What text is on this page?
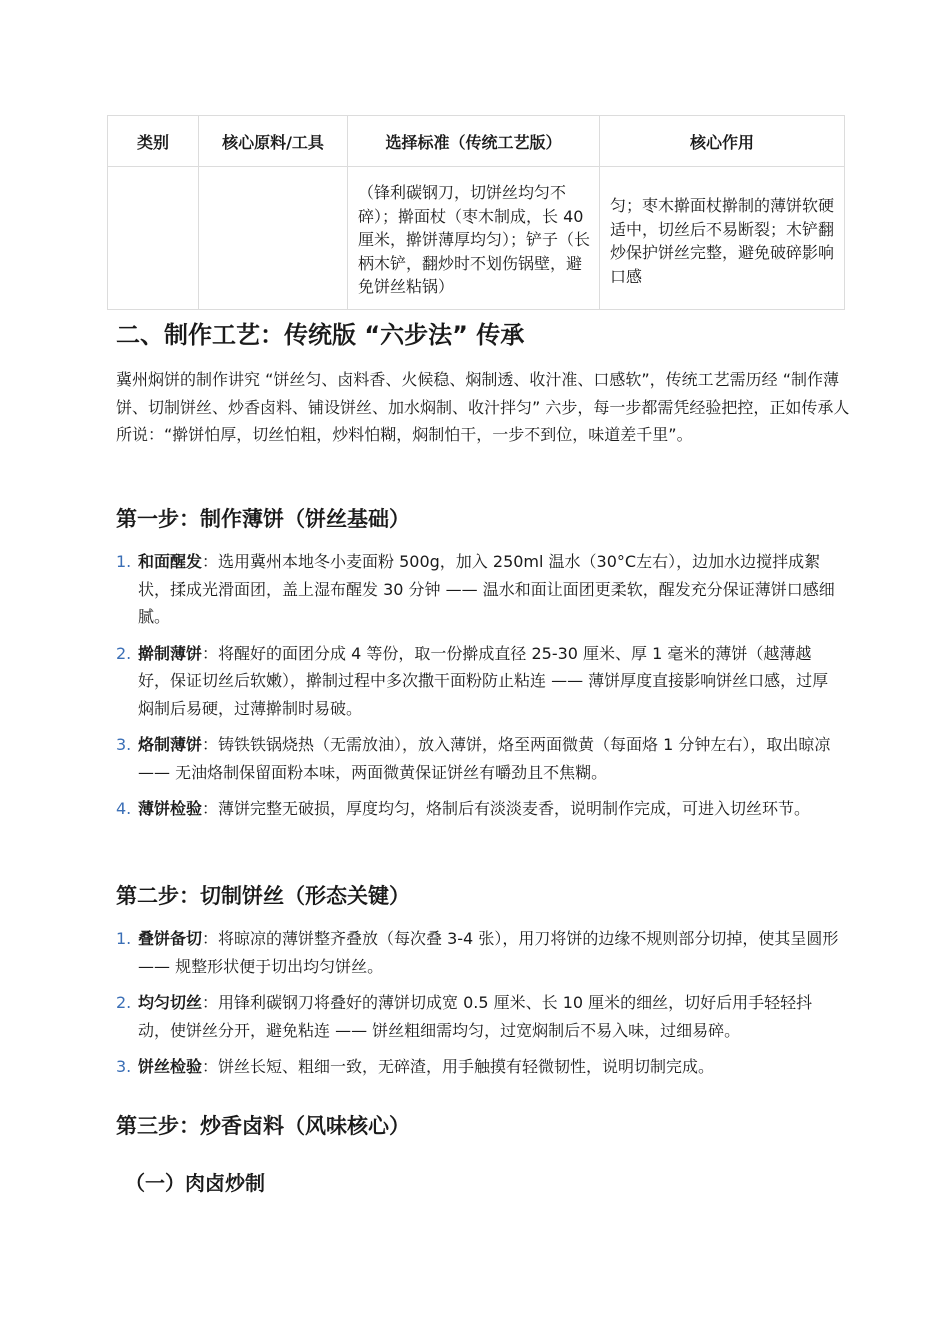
类别	核心原料/工具	选择标准（传统工艺版）	核心作用
		（锋利碳钢刀，切饼丝均匀不碎）；擀面杖（枣木制成，长 40 厘米，擀饼薄厚均匀）；铲子（长柄木铲，翻炒时不划伤锅壁，避免饼丝粘锅）	匀；枣木擀面杖擀制的薄饼软硬适中，切丝后不易断裂；木铲翻炒保护饼丝完整，避免破碎影响口感
二、制作工艺：传统版 “六步法” 传承

冀州焖饼的制作讲究 “饼丝匀、卤料香、火候稳、焖制透、收汁准、口感软”，传统工艺需历经 “制作薄饼、切制饼丝、炒香卤料、铺设饼丝、加水焖制、收汁拌匀” 六步，每一步都需凭经验把控，正如传承人所说：“擀饼怕厚，切丝怕粗，炒料怕糊，焖制怕干，一步不到位，味道差千里”。

第一步：制作薄饼（饼丝基础）
1. 和面醒发：选用冀州本地冬小麦面粉 500g，加入 250ml 温水（30°C左右），边加水边搅拌成絮状，揉成光滑面团，盖上湿布醒发 30 分钟 —— 温水和面让面团更柔软，醒发充分保证薄饼口感细腻。
2. 擀制薄饼：将醒好的面团分成 4 等份，取一份擀成直径 25-30 厘米、厚 1 毫米的薄饼（越薄越好，保证切丝后软嫩），擀制过程中多次撒干面粉防止粘连 —— 薄饼厚度直接影响饼丝口感，过厚焖制后易硬，过薄擀制时易破。
3. 烙制薄饼：铸铁铁锅烧热（无需放油），放入薄饼，烙至两面微黄（每面烙 1 分钟左右），取出晾凉 —— 无油烙制保留面粉本味，两面微黄保证饼丝有嚼劲且不焦糊。
4. 薄饼检验：薄饼完整无破损，厚度均匀，烙制后有淡淡麦香，说明制作完成，可进入切丝环节。
第二步：切制饼丝（形态关键）
1. 叠饼备切：将晾凉的薄饼整齐叠放（每次叠 3-4 张），用刀将饼的边缘不规则部分切掉，使其呈圆形 —— 规整形状便于切出均匀饼丝。
2. 均匀切丝：用锋利碳钢刀将叠好的薄饼切成宽 0.5 厘米、长 10 厘米的细丝，切好后用手轻轻抖动，使饼丝分开，避免粘连 —— 饼丝粗细需均匀，过宽焖制后不易入味，过细易碎。
3. 饼丝检验：饼丝长短、粗细一致，无碎渣，用手触摸有轻微韧性，说明切制完成。
第三步：炒香卤料（风味核心）
（一）肉卤炒制
